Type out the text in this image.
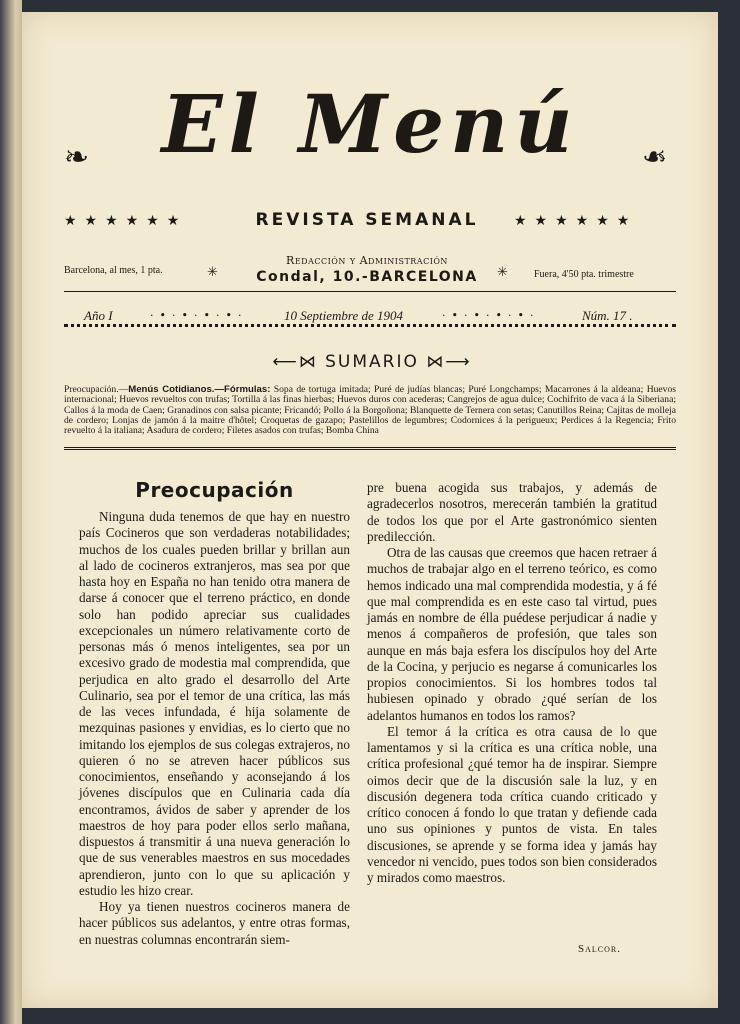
❧ El Menú	❧
★★★★★★	REVISTA SEMANAL	★★★★★★
Redacción y Administración
Barcelona, al mes, 1 pta.	✳	Condal, 10.-BARCELONA	✳	Fuera, 4'50 pta. trimestre
Año I	·•·•·•·•·	10 Septiembre de 1904	·•·•·•·•·	Núm. 17 .
⟵⋈ SUMARIO ⋈⟶
Preocupación.—Menús Cotidianos.—Fórmulas: Sopa de tortuga imitada; Puré de judías blancas; Puré Longchamps; Macarrones á la aldeana; Huevos internacional; Huevos revueltos con trufas; Tortilla á las finas hierbas; Huevos duros con acederas; Cangrejos de agua dulce; Cochifrito de vaca á la Siberiana; Callos á la moda de Caen; Granadinos con salsa picante; Fricandó; Pollo á la Borgoñona; Blanquette de Ternera con setas; Canutillos Reina; Cajitas de molleja de cordero; Lonjas de jamón á la maitre d'hôtel; Croquetas de gazapo; Pastelillos de legumbres; Codornices á la perigueux; Perdices á la Regencia; Frito revuelto á la italiana; Asadura de cordero; Filetes asados con trufas; Bomba China
Preocupación

Ninguna duda tenemos de que hay en nuestro país Cocineros que son verdaderas notabilidades; muchos de los cuales pueden brillar y brillan aun al lado de cocineros extranjeros, mas sea por que hasta hoy en España no han tenido otra manera de darse á conocer que el terreno práctico, en donde solo han podido apreciar sus cualidades excepcionales un número relativamente corto de personas más ó menos inteligentes, sea por un excesivo grado de modestia mal comprendida, que perjudica en alto grado el desarrollo del Arte Culinario, sea por el temor de una crítica, las más de las veces infundada, é hija solamente de mezquinas pasiones y envidias, es lo cierto que no imitando los ejemplos de sus colegas extrajeros, no quieren ó no se atreven hacer públicos sus conocimientos, enseñando y aconsejando á los jóvenes discípulos que en Culinaria cada día encontramos, ávidos de saber y aprender de los maestros de hoy para poder ellos serlo mañana, dispuestos á transmitir á una nueva generación lo que de sus venerables maestros en sus mocedades aprendieron, junto con lo que su aplicación y estudio les hizo crear.

Hoy ya tienen nuestros cocineros manera de hacer públicos sus adelantos, y entre otras formas, en nuestras columnas encontrarán siem-

pre buena acogida sus trabajos, y además de agradecerlos nosotros, merecerán también la gratitud de todos los que por el Arte gastronómico sienten predilección.

Otra de las causas que creemos que hacen retraer á muchos de trabajar algo en el terreno teórico, es como hemos indicado una mal comprendida modestia, y á fé que mal comprendida es en este caso tal virtud, pues jamás en nombre de élla puédese perjudicar á nadie y menos á compañeros de profesión, que tales son aunque en más baja esfera los discípulos hoy del Arte de la Cocina, y perjucio es negarse á comunicarles los propios conocimientos. Si los hombres todos tal hubiesen opinado y obrado ¿qué serían de los adelantos humanos en todos los ramos?

El temor á la crítica es otra causa de lo que lamentamos y si la crítica es una crítica noble, una crítica profesional ¿qué temor ha de inspirar. Siempre oimos decir que de la discusión sale la luz, y en discusión degenera toda crítica cuando criticado y crítico conocen á fondo lo que tratan y defiende cada uno sus opiniones y puntos de vista. En tales discusiones, se aprende y se forma idea y jamás hay vencedor ni vencido, pues todos son bien considerados y mirados como maestros.

Salcor.
